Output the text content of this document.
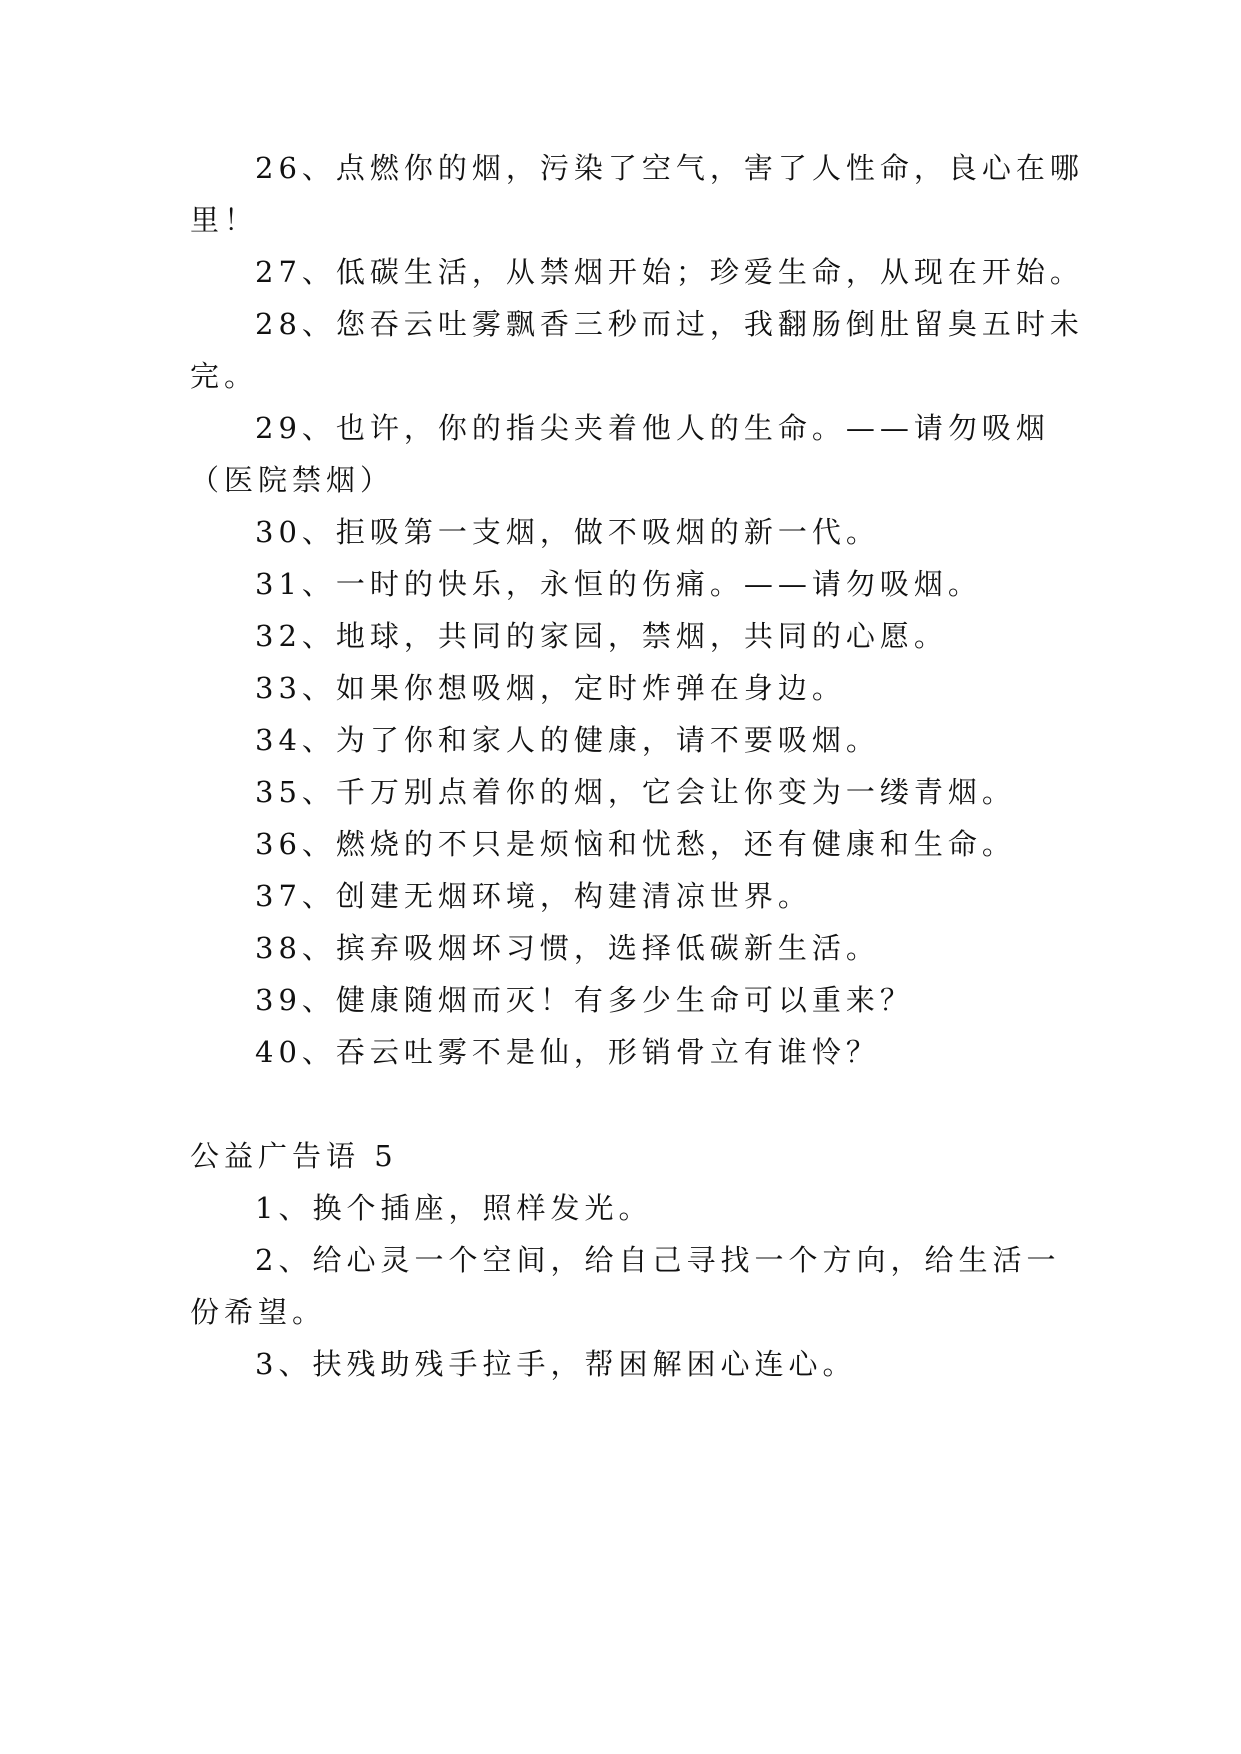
26、点燃你的烟，污染了空气，害了人性命，良心在哪
里！
27、低碳生活，从禁烟开始；珍爱生命，从现在开始。
28、您吞云吐雾飘香三秒而过，我翻肠倒肚留臭五时未
完。
29、也许，你的指尖夹着他人的生命。——请勿吸烟
（医院禁烟）
30、拒吸第一支烟，做不吸烟的新一代。
31、一时的快乐，永恒的伤痛。——请勿吸烟。
32、地球，共同的家园，禁烟，共同的心愿。
33、如果你想吸烟，定时炸弹在身边。
34、为了你和家人的健康，请不要吸烟。
35、千万别点着你的烟，它会让你变为一缕青烟。
36、燃烧的不只是烦恼和忧愁，还有健康和生命。
37、创建无烟环境，构建清凉世界。
38、摈弃吸烟坏习惯，选择低碳新生活。
39、健康随烟而灭！有多少生命可以重来？
40、吞云吐雾不是仙，形销骨立有谁怜？
公益广告语 5
1、换个插座，照样发光。
2、给心灵一个空间，给自己寻找一个方向，给生活一
份希望。
3、扶残助残手拉手，帮困解困心连心。
